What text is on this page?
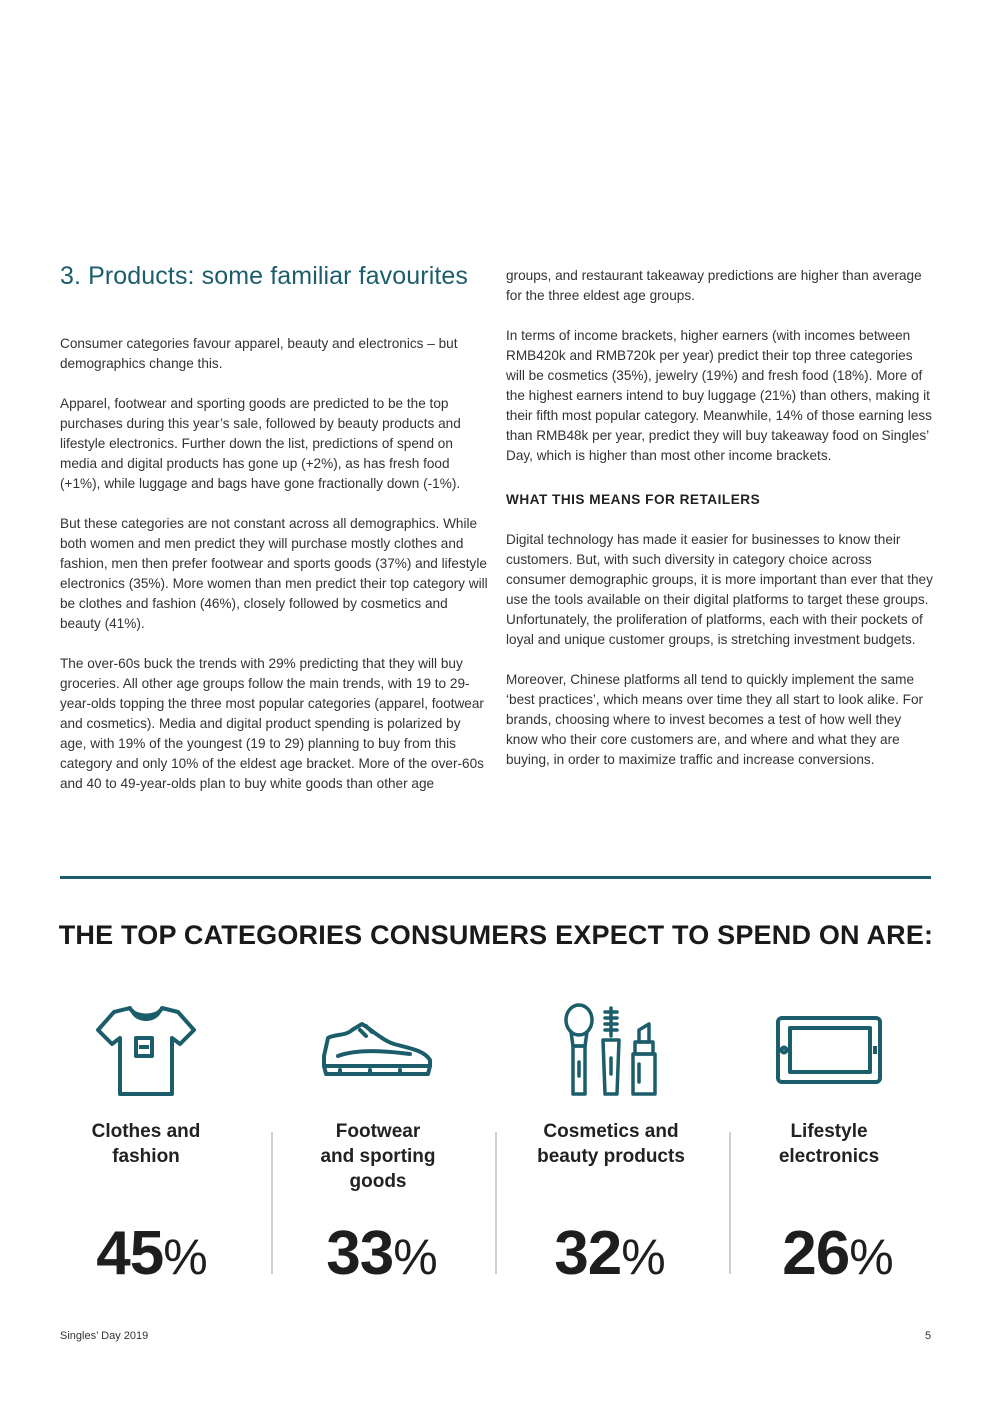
3. Products: some familiar favourites

Consumer categories favour apparel, beauty and electronics – but demographics change this.

Apparel, footwear and sporting goods are predicted to be the top purchases during this year’s sale, followed by beauty products and lifestyle electronics. Further down the list, predictions of spend on media and digital products has gone up (+2%), as has fresh food (+1%), while luggage and bags have gone fractionally down (-1%).

But these categories are not constant across all demographics. While both women and men predict they will purchase mostly clothes and fashion, men then prefer footwear and sports goods (37%) and lifestyle electronics (35%). More women than men predict their top category will be clothes and fashion (46%), closely followed by cosmetics and beauty (41%).

The over-60s buck the trends with 29% predicting that they will buy groceries. All other age groups follow the main trends, with 19 to 29-year-olds topping the three most popular categories (apparel, footwear and cosmetics). Media and digital product spending is polarized by age, with 19% of the youngest (19 to 29) planning to buy from this category and only 10% of the eldest age bracket. More of the over-60s and 40 to 49-year-olds plan to buy white goods than other age

groups, and restaurant takeaway predictions are higher than average for the three eldest age groups.

In terms of income brackets, higher earners (with incomes between RMB420k and RMB720k per year) predict their top three categories will be cosmetics (35%), jewelry (19%) and fresh food (18%). More of the highest earners intend to buy luggage (21%) than others, making it their fifth most popular category. Meanwhile, 14% of those earning less than RMB48k per year, predict they will buy takeaway food on Singles’ Day, which is higher than most other income brackets.

WHAT THIS MEANS FOR RETAILERS

Digital technology has made it easier for businesses to know their customers. But, with such diversity in category choice across consumer demographic groups, it is more important than ever that they use the tools available on their digital platforms to target these groups. Unfortunately, the proliferation of platforms, each with their pockets of loyal and unique customer groups, is stretching investment budgets.

Moreover, Chinese platforms all tend to quickly implement the same ‘best practices’, which means over time they all start to look alike. For brands, choosing where to invest becomes a test of how well they know who their core customers are, and where and what they are buying, in order to maximize traffic and increase conversions.

THE TOP CATEGORIES CONSUMERS EXPECT TO SPEND ON ARE:
Clothes and
fashion
45%
Footwear
and sporting
goods
33%
Cosmetics and
beauty products
32%
Lifestyle
electronics
26%
Singles’ Day 2019	5
